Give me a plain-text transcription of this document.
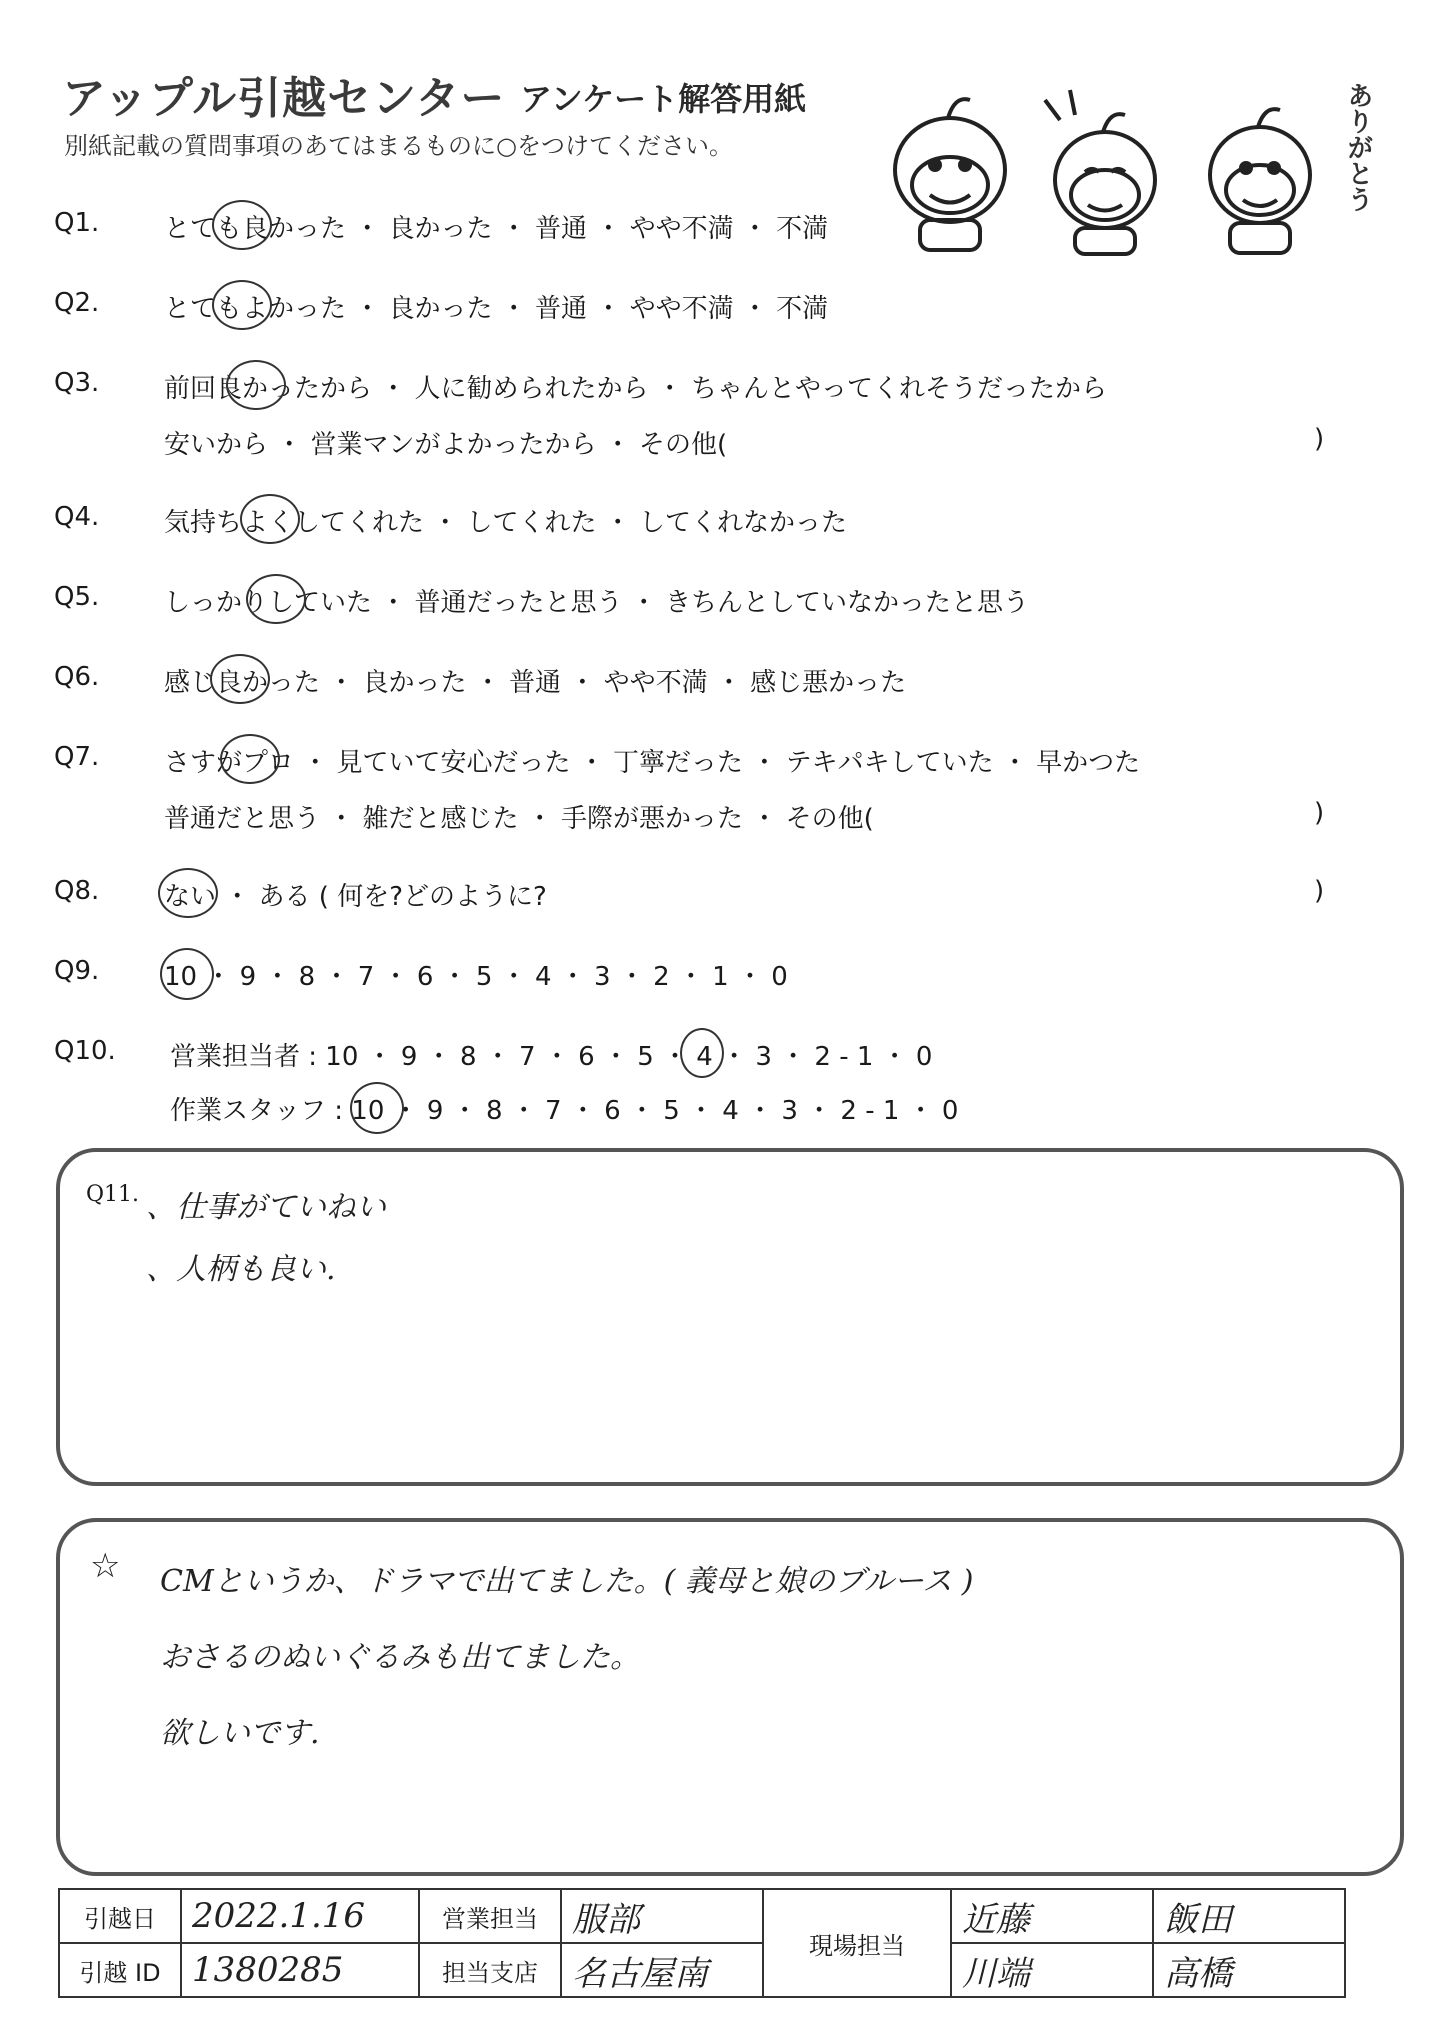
アップル引越センター アンケート解答用紙
別紙記載の質問事項のあてはまるものに○をつけてください。	ありがとう
Q1.	とても良かった ・ 良かった ・ 普通 ・ やや不満 ・ 不満
Q2.	とてもよかった ・ 良かった ・ 普通 ・ やや不満 ・ 不満
Q3.	前回良かったから ・ 人に勧められたから ・ ちゃんとやってくれそうだったから
安いから ・ 営業マンがよかったから ・ その他(	)
Q4.	気持ちよくしてくれた ・ してくれた ・ してくれなかった
Q5.	しっかりしていた ・ 普通だったと思う ・ きちんとしていなかったと思う
Q6.	感じ良かった ・ 良かった ・ 普通 ・ やや不満 ・ 感じ悪かった
Q7.	さすがプロ ・ 見ていて安心だった ・ 丁寧だった ・ テキパキしていた ・ 早かつた
普通だと思う ・ 雑だと感じた ・ 手際が悪かった ・ その他(	)
Q8.	ない ・ ある ( 何を?どのように?	)
Q9.	10 ・ 9 ・ 8 ・ 7 ・ 6 ・ 5 ・ 4 ・ 3 ・ 2 ・ 1 ・ 0
Q10.	営業担当者 : 10 ・ 9 ・ 8 ・ 7 ・ 6 ・ 5 ・ 4 ・ 3 ・ 2 - 1 ・ 0
作業スタッフ : 10 ・ 9 ・ 8 ・ 7 ・ 6 ・ 5 ・ 4 ・ 3 ・ 2 - 1 ・ 0
Q11. 、仕事がていねい
、人柄も良い.
☆ CMというか、ドラマで出てました。( 義母と娘のブルース )
おさるのぬいぐるみも出てました。
欲しいです.
引越日	2022.1.16	営業担当	服部	現場担当	近藤	飯田
引越 ID	1380285	担当支店	名古屋南		川端	高橋
